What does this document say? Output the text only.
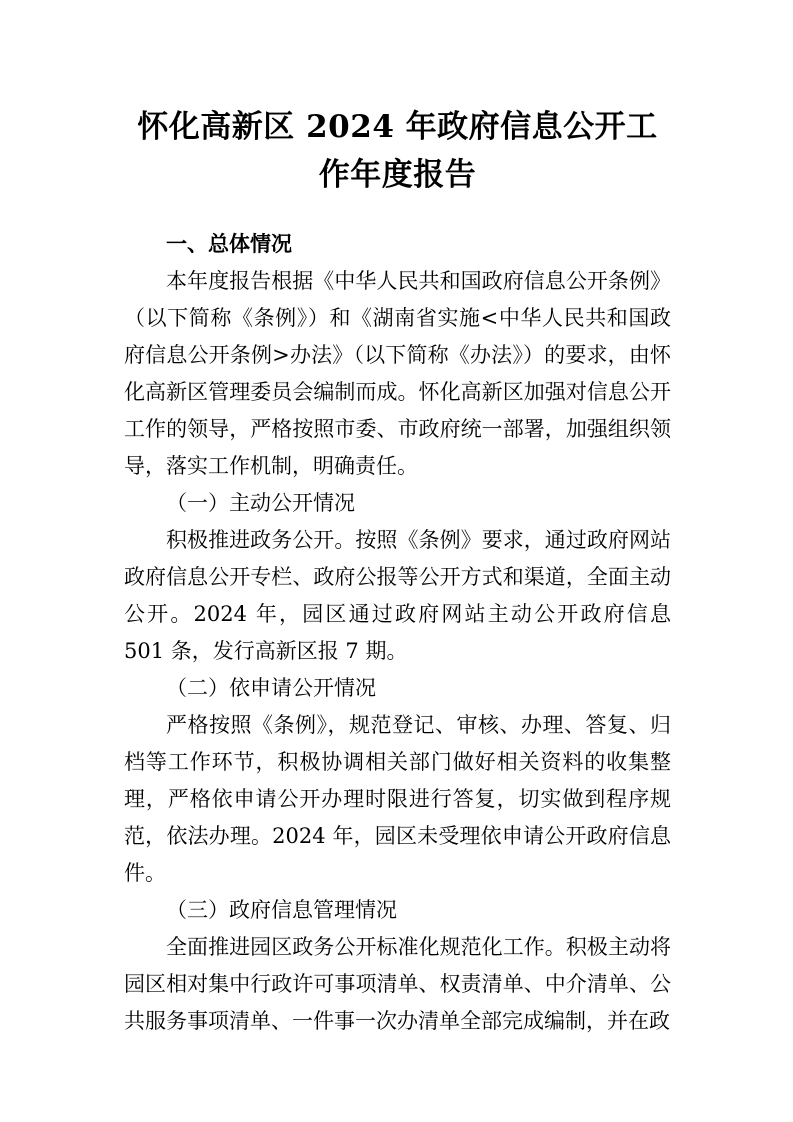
怀化高新区 2024 年政府信息公开工作年度报告
一、总体情况

本年度报告根据《中华人民共和国政府信息公开条例》（以下简称《条例》）和《湖南省实施<中华人民共和国政府信息公开条例>办法》（以下简称《办法》）的要求，由怀化高新区管理委员会编制而成。怀化高新区加强对信息公开工作的领导，严格按照市委、市政府统一部署，加强组织领导，落实工作机制，明确责任。

（一）主动公开情况

积极推进政务公开。按照《条例》要求，通过政府网站政府信息公开专栏、政府公报等公开方式和渠道，全面主动公开。2024 年，园区通过政府网站主动公开政府信息 501 条，发行高新区报 7 期。

（二）依申请公开情况

严格按照《条例》，规范登记、审核、办理、答复、归档等工作环节，积极协调相关部门做好相关资料的收集整理，严格依申请公开办理时限进行答复，切实做到程序规范，依法办理。2024 年，园区未受理依申请公开政府信息件。

（三）政府信息管理情况

全面推进园区政务公开标准化规范化工作。积极主动将园区相对集中行政许可事项清单、权责清单、中介清单、公共服务事项清单、一件事一次办清单全部完成编制，并在政
